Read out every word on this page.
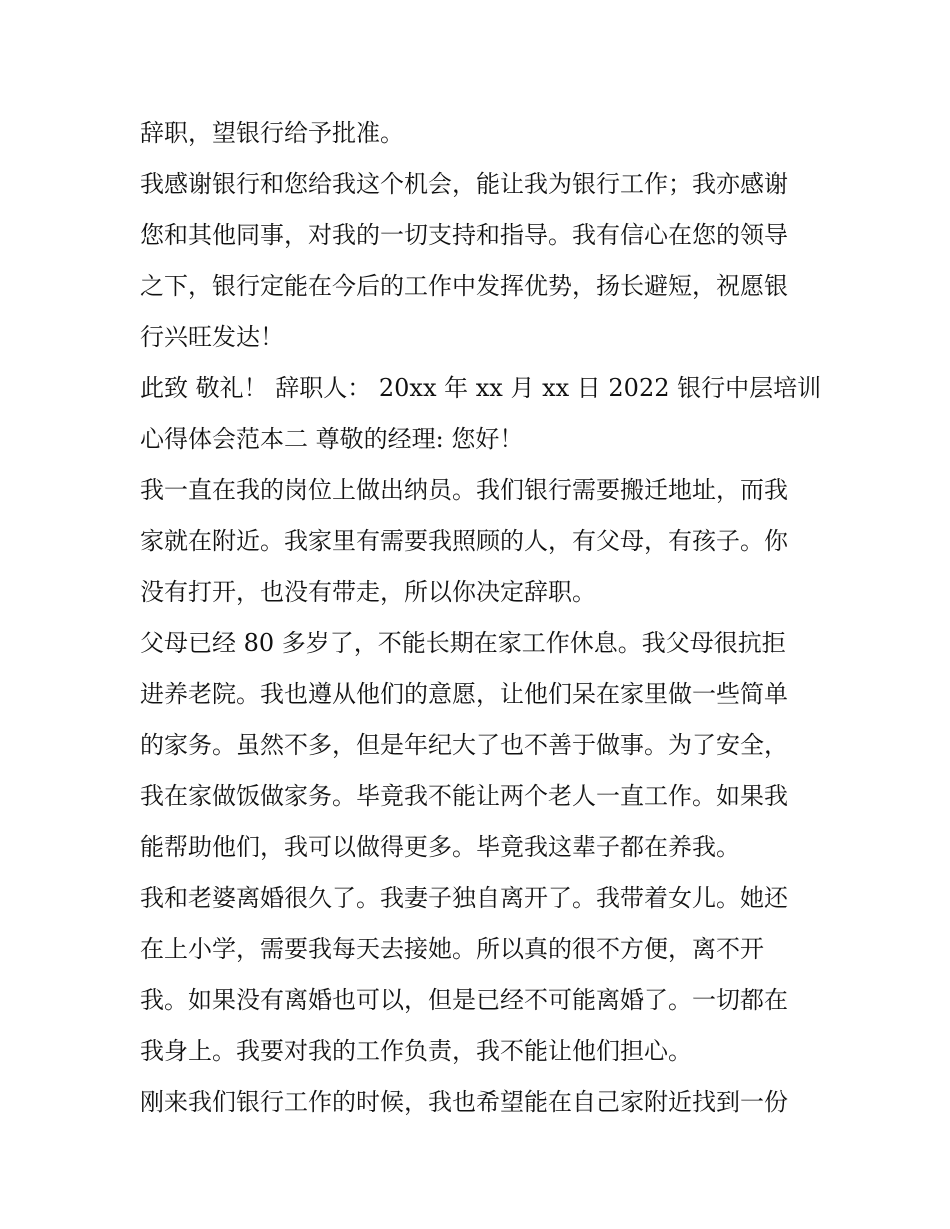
辞职，望银行给予批准。
我感谢银行和您给我这个机会，能让我为银行工作；我亦感谢
您和其他同事，对我的一切支持和指导。我有信心在您的领导
之下，银行定能在今后的工作中发挥优势，扬长避短，祝愿银
行兴旺发达！
此致 敬礼！ 辞职人： 20xx 年 xx 月 xx 日 2022 银行中层培训
心得体会范本二 尊敬的经理: 您好！
我一直在我的岗位上做出纳员。我们银行需要搬迁地址，而我
家就在附近。我家里有需要我照顾的人，有父母，有孩子。你
没有打开，也没有带走，所以你决定辞职。
父母已经 80 多岁了，不能长期在家工作休息。我父母很抗拒
进养老院。我也遵从他们的意愿，让他们呆在家里做一些简单
的家务。虽然不多，但是年纪大了也不善于做事。为了安全，
我在家做饭做家务。毕竟我不能让两个老人一直工作。如果我
能帮助他们，我可以做得更多。毕竟我这辈子都在养我。
我和老婆离婚很久了。我妻子独自离开了。我带着女儿。她还
在上小学，需要我每天去接她。所以真的很不方便，离不开
我。如果没有离婚也可以，但是已经不可能离婚了。一切都在
我身上。我要对我的工作负责，我不能让他们担心。
刚来我们银行工作的时候，我也希望能在自己家附近找到一份
